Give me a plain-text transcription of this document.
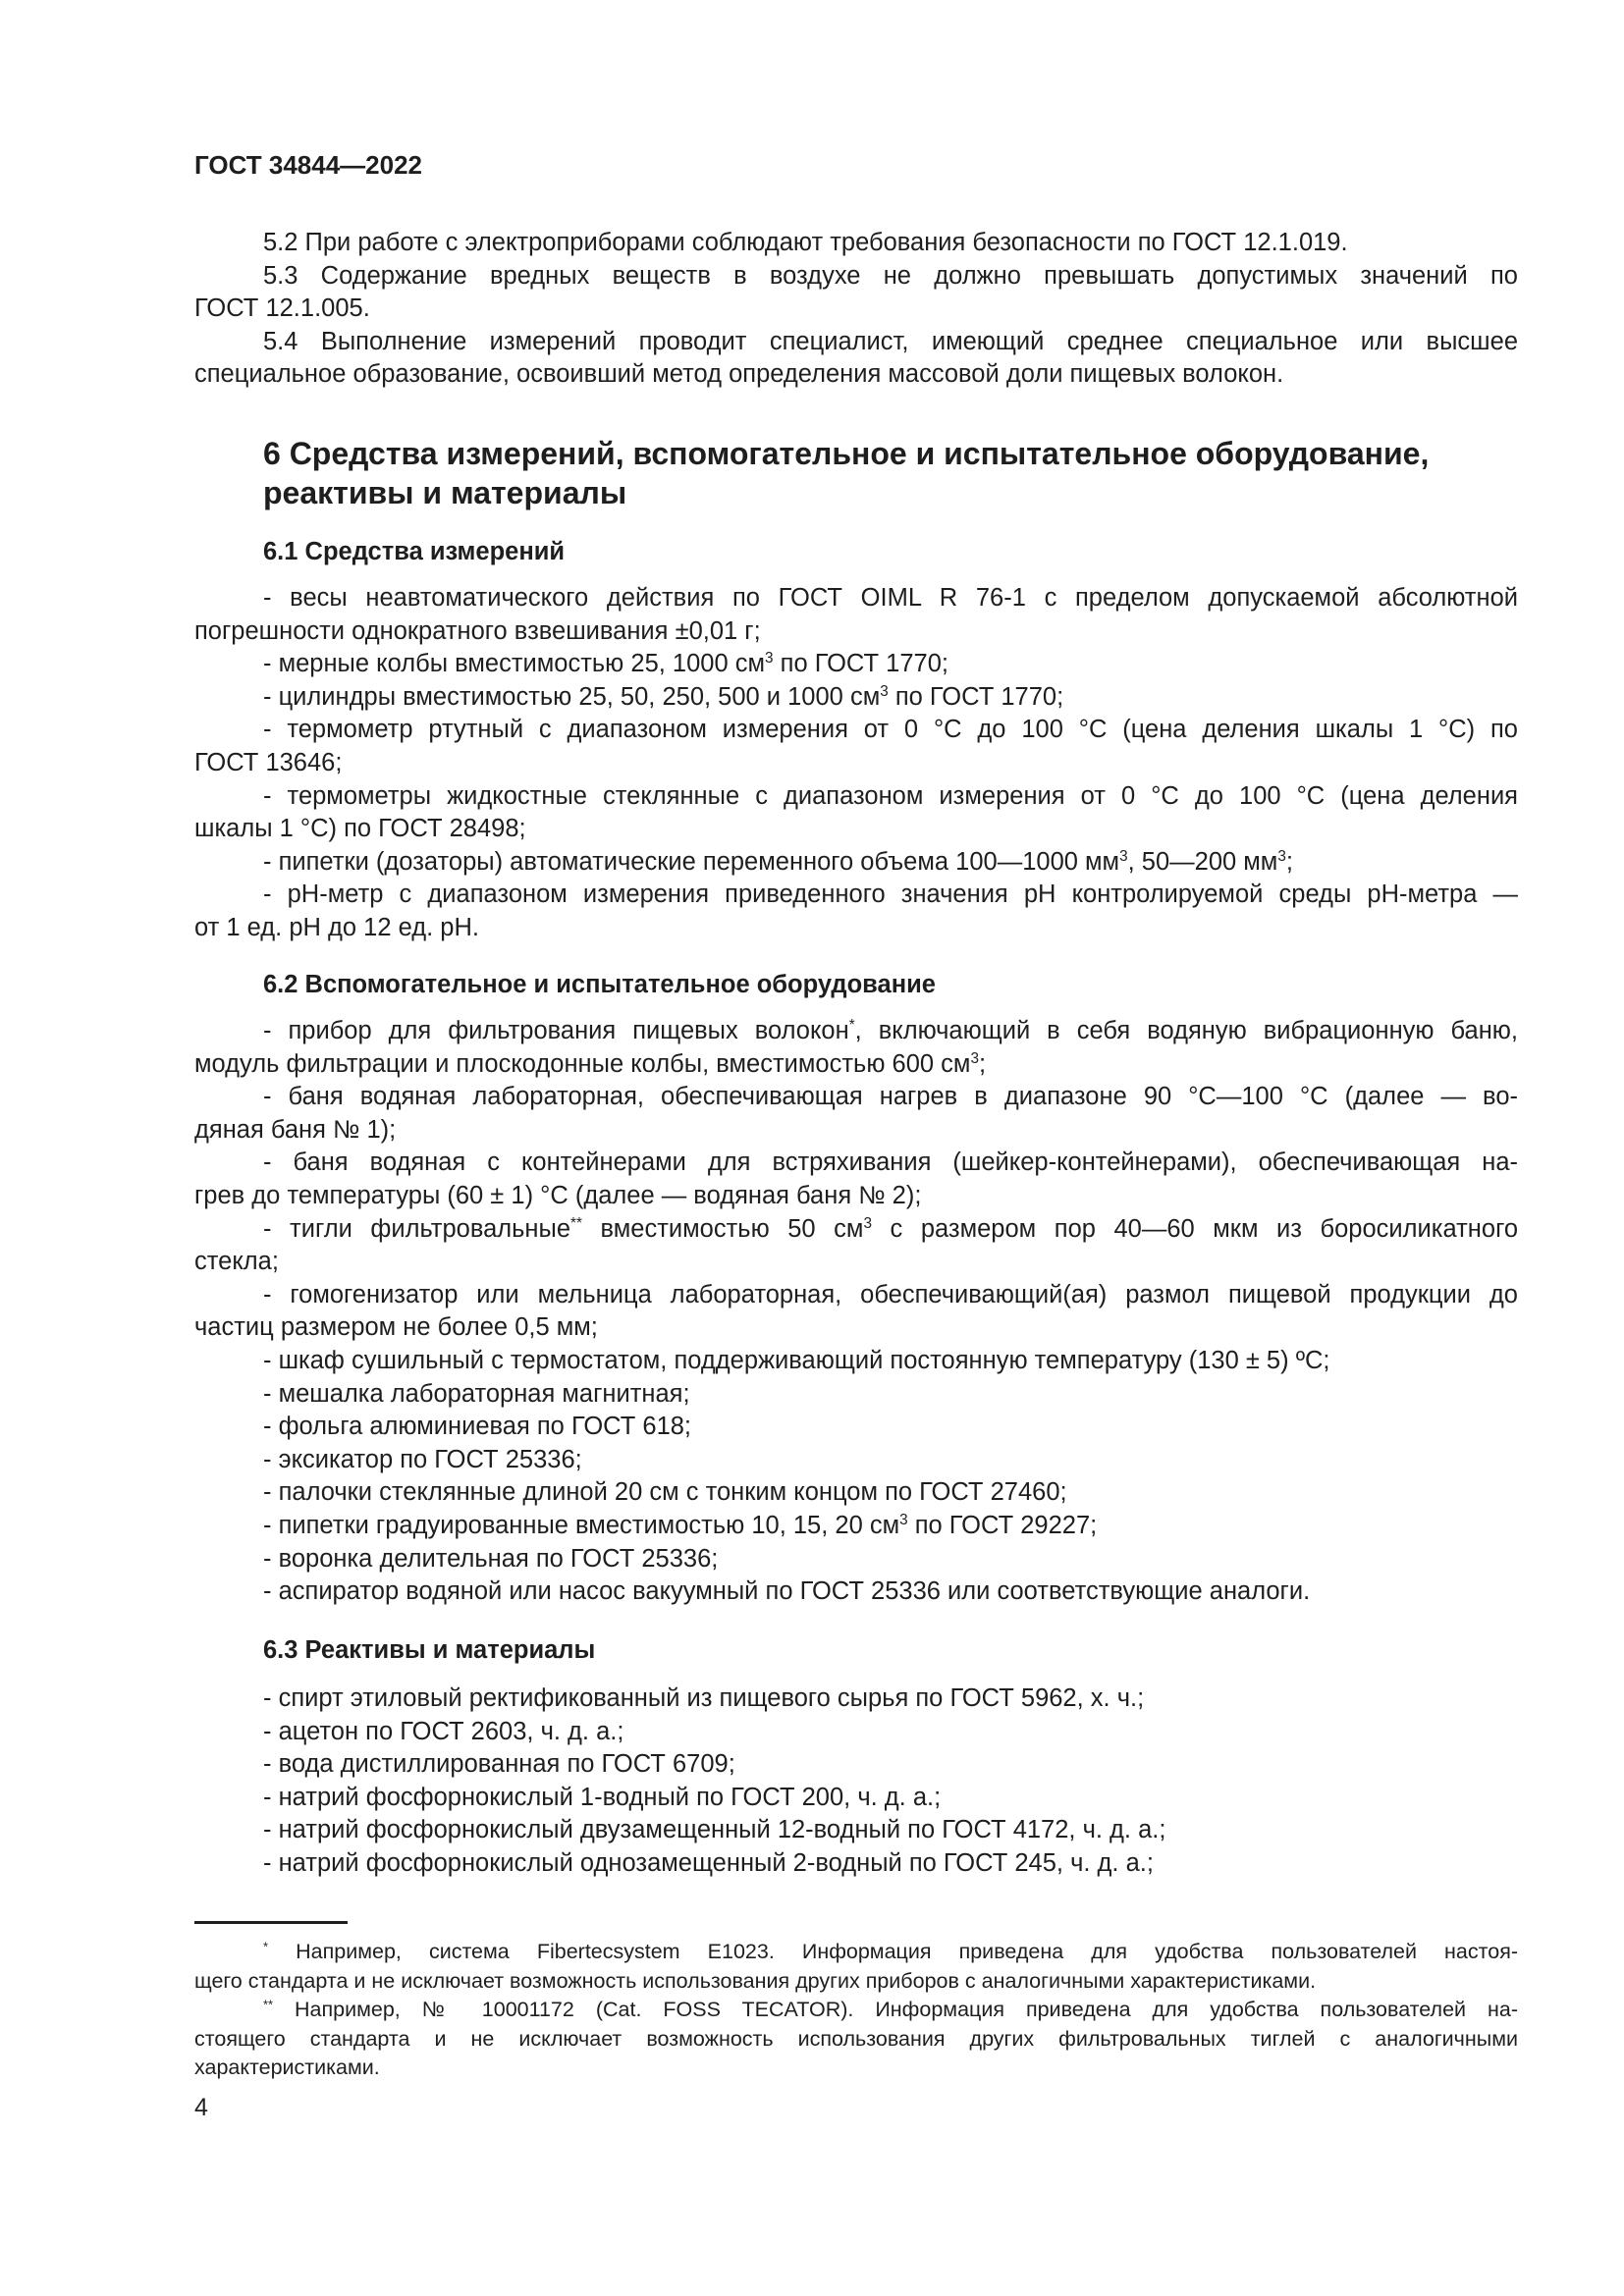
ГОСТ 34844—2022
5.2 При работе с электроприборами соблюдают требования безопасности по ГОСТ 12.1.019.
5.3 Содержание вредных веществ в воздухе не должно превышать допустимых значений по
ГОСТ 12.1.005.
5.4 Выполнение измерений проводит специалист, имеющий среднее специальное или высшее
специальное образование, освоивший метод определения массовой доли пищевых волокон.
6 Средства измерений, вспомогательное и испытательное оборудование,
реактивы и материалы
6.1 Средства измерений
- весы неавтоматического действия по ГОСТ OIML R 76-1 с пределом допускаемой абсолютной
погрешности однократного взвешивания ±0,01 г;
- мерные колбы вместимостью 25, 1000 $см^3$ по ГОСТ 1770;
- цилиндры вместимостью 25, 50, 250, 500 и 1000 $см^3$ по ГОСТ 1770;
- термометр ртутный с диапазоном измерения от 0 °С до 100 °С (цена деления шкалы 1 °С) по
ГОСТ 13646;
- термометры жидкостные стеклянные с диапазоном измерения от 0 °С до 100 °С (цена деления
шкалы 1 °С) по ГОСТ 28498;
- пипетки (дозаторы) автоматические переменного объема 100—1000 $мм^3$, 50—200 $мм^3$;
- pH-метр с диапазоном измерения приведенного значения pH контролируемой среды pH-метра —
от 1 ед. pH до 12 ед. pH.
6.2 Вспомогательное и испытательное оборудование
- прибор для фильтрования пищевых волокон*, включающий в себя водяную вибрационную баню,
модуль фильтрации и плоскодонные колбы, вместимостью 600 $см^3$;
- баня водяная лабораторная, обеспечивающая нагрев в диапазоне 90 °С—100 °С (далее — во-
дяная баня № 1);
- баня водяная с контейнерами для встряхивания (шейкер-контейнерами), обеспечивающая на-
грев до температуры (60 ± 1) °С (далее — водяная баня № 2);
- тигли фильтровальные** вместимостью 50 $см^3$ с размером пор 40—60 мкм из боросиликатного
стекла;
- гомогенизатор или мельница лабораторная, обеспечивающий(ая) размол пищевой продукции до
частиц размером не более 0,5 мм;
- шкаф сушильный с термостатом, поддерживающий постоянную температуру (130 ± 5) ºС;
- мешалка лабораторная магнитная;
- фольга алюминиевая по ГОСТ 618;
- эксикатор по ГОСТ 25336;
- палочки стеклянные длиной 20 см с тонким концом по ГОСТ 27460;
- пипетки градуированные вместимостью 10, 15, 20 $см^3$ по ГОСТ 29227;
- воронка делительная по ГОСТ 25336;
- аспиратор водяной или насос вакуумный по ГОСТ 25336 или соответствующие аналоги.
6.3 Реактивы и материалы
- спирт этиловый ректификованный из пищевого сырья по ГОСТ 5962, х. ч.;
- ацетон по ГОСТ 2603, ч. д. а.;
- вода дистиллированная по ГОСТ 6709;
- натрий фосфорнокислый 1-водный по ГОСТ 200, ч. д. а.;
- натрий фосфорнокислый двузамещенный 12-водный по ГОСТ 4172, ч. д. а.;
- натрий фосфорнокислый однозамещенный 2-водный по ГОСТ 245, ч. д. а.;
* Например, система Fibertecsystem E1023. Информация приведена для удобства пользователей настоя-
щего стандарта и не исключает возможность использования других приборов с аналогичными характеристиками.
** Например, № 10001172 (Cat. FOSS TECATOR). Информация приведена для удобства пользователей на-
стоящего стандарта и не исключает возможность использования других фильтровальных тиглей с аналогичными
характеристиками.
4
